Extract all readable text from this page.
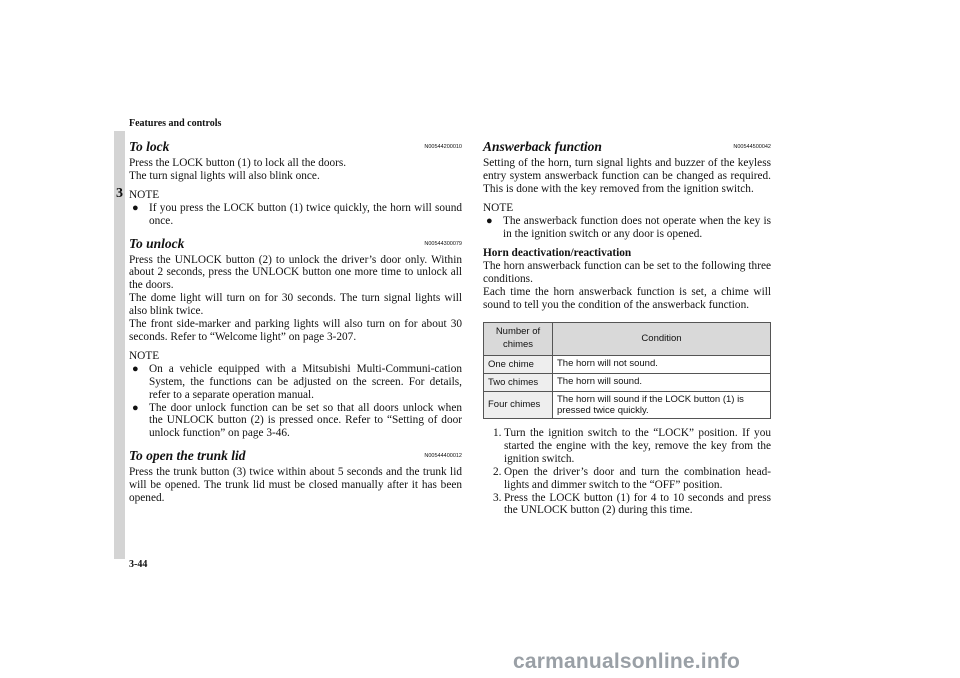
Features and controls
3
3-44
To lock	N00544200010

Press the LOCK button (1) to lock all the doors.
The turn signal lights will also blink once.

NOTE
● If you press the LOCK button (1) twice quickly, the horn will sound once.
To unlock	N00544300079

Press the UNLOCK button (2) to unlock the driver’s door only. Within about 2 seconds, press the UNLOCK button one more time to unlock all the doors.
The dome light will turn on for 30 seconds. The turn signal lights will also blink twice.
The front side-marker and parking lights will also turn on for about 30 seconds. Refer to “Welcome light” on page 3-207.

NOTE
● On a vehicle equipped with a Mitsubishi Multi-Communi-cation System, the functions can be adjusted on the screen. For details, refer to a separate operation manual.
● The door unlock function can be set so that all doors unlock when the UNLOCK button (2) is pressed once. Refer to “Setting of door unlock function” on page 3-46.
To open the trunk lid	N00544400012

Press the trunk button (3) twice within about 5 seconds and the trunk lid will be opened. The trunk lid must be closed manually after it has been opened.

Answerback function	N00544500042

Setting of the horn, turn signal lights and buzzer of the keyless entry system answerback function can be changed as required. This is done with the key removed from the ignition switch.

NOTE
● The answerback function does not operate when the key is in the ignition switch or any door is opened.
Horn deactivation/reactivation

The horn answerback function can be set to the following three conditions.
Each time the horn answerback function is set, a chime will sound to tell you the condition of the answerback function.

Number of chimes	Condition
One chime	The horn will not sound.
Two chimes	The horn will sound.
Four chimes	The horn will sound if the LOCK button (1) is pressed twice quickly.
1. Turn the ignition switch to the “LOCK” position. If you started the engine with the key, remove the key from the ignition switch.
2. Open the driver’s door and turn the combination head-lights and dimmer switch to the “OFF” position.
3. Press the LOCK button (1) for 4 to 10 seconds and press the UNLOCK button (2) during this time.
carmanualsonline.info
